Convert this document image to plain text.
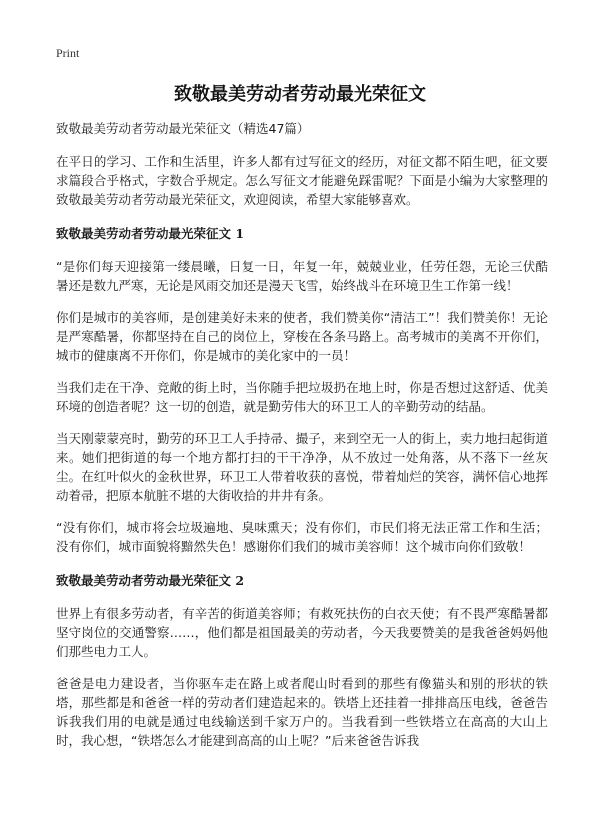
Print
致敬最美劳动者劳动最光荣征文

致敬最美劳动者劳动最光荣征文（精选47篇）

在平日的学习、工作和生活里，许多人都有过写征文的经历，对征文都不陌生吧，征文要求篇段合乎格式，字数合乎规定。怎么写征文才能避免踩雷呢？下面是小编为大家整理的致敬最美劳动者劳动最光荣征文，欢迎阅读，希望大家能够喜欢。

致敬最美劳动者劳动最光荣征文 1

“是你们每天迎接第一缕晨曦，日复一日，年复一年，兢兢业业，任劳任怨，无论三伏酷暑还是数九严寒，无论是风雨交加还是漫天飞雪，始终战斗在环境卫生工作第一线！

你们是城市的美容师，是创建美好未来的使者，我们赞美你“清洁工”！我们赞美你！无论是严寒酷暑，你都坚持在自己的岗位上，穿梭在各条马路上。高考城市的美离不开你们，城市的健康离不开你们，你是城市的美化家中的一员！

当我们走在干净、竞敞的街上时，当你随手把垃圾扔在地上时，你是否想过这舒适、优美环境的创造者呢？这一切的创造，就是勤劳伟大的环卫工人的辛勤劳动的结晶。

当天刚蒙蒙亮时，勤劳的环卫工人手持帚、撮子，来到空无一人的街上，卖力地扫起街道来。她们把街道的每一个地方都打扫的干干净净，从不放过一处角落，从不落下一丝灰尘。在红叶似火的金秋世界，环卫工人带着收获的喜悦，带着灿烂的笑容，满怀信心地挥动着帚，把原本航脏不堪的大街收拾的井井有条。

“没有你们，城市将会垃圾遍地、臭味熏天；没有你们，市民们将无法正常工作和生活；没有你们，城市面貌将黯然失色！感谢你们我们的城市美容师！这个城市向你们致敬！

致敬最美劳动者劳动最光荣征文 2

世界上有很多劳动者，有辛苦的街道美容师；有救死扶伤的白衣天使；有不畏严寒酷暑都坚守岗位的交通警察……，他们都是祖国最美的劳动者，今天我要赞美的是我爸爸妈妈他们那些电力工人。

爸爸是电力建设者，当你驱车走在路上或者爬山时看到的那些有像猫头和别的形状的铁塔，那些都是和爸爸一样的劳动者们建造起来的。铁塔上还挂着一排排高压电线，爸爸告诉我我们用的电就是通过电线输送到千家万户的。当我看到一些铁塔立在高高的大山上时，我心想，“铁塔怎么才能建到高高的山上呢？”后来爸爸告诉我
